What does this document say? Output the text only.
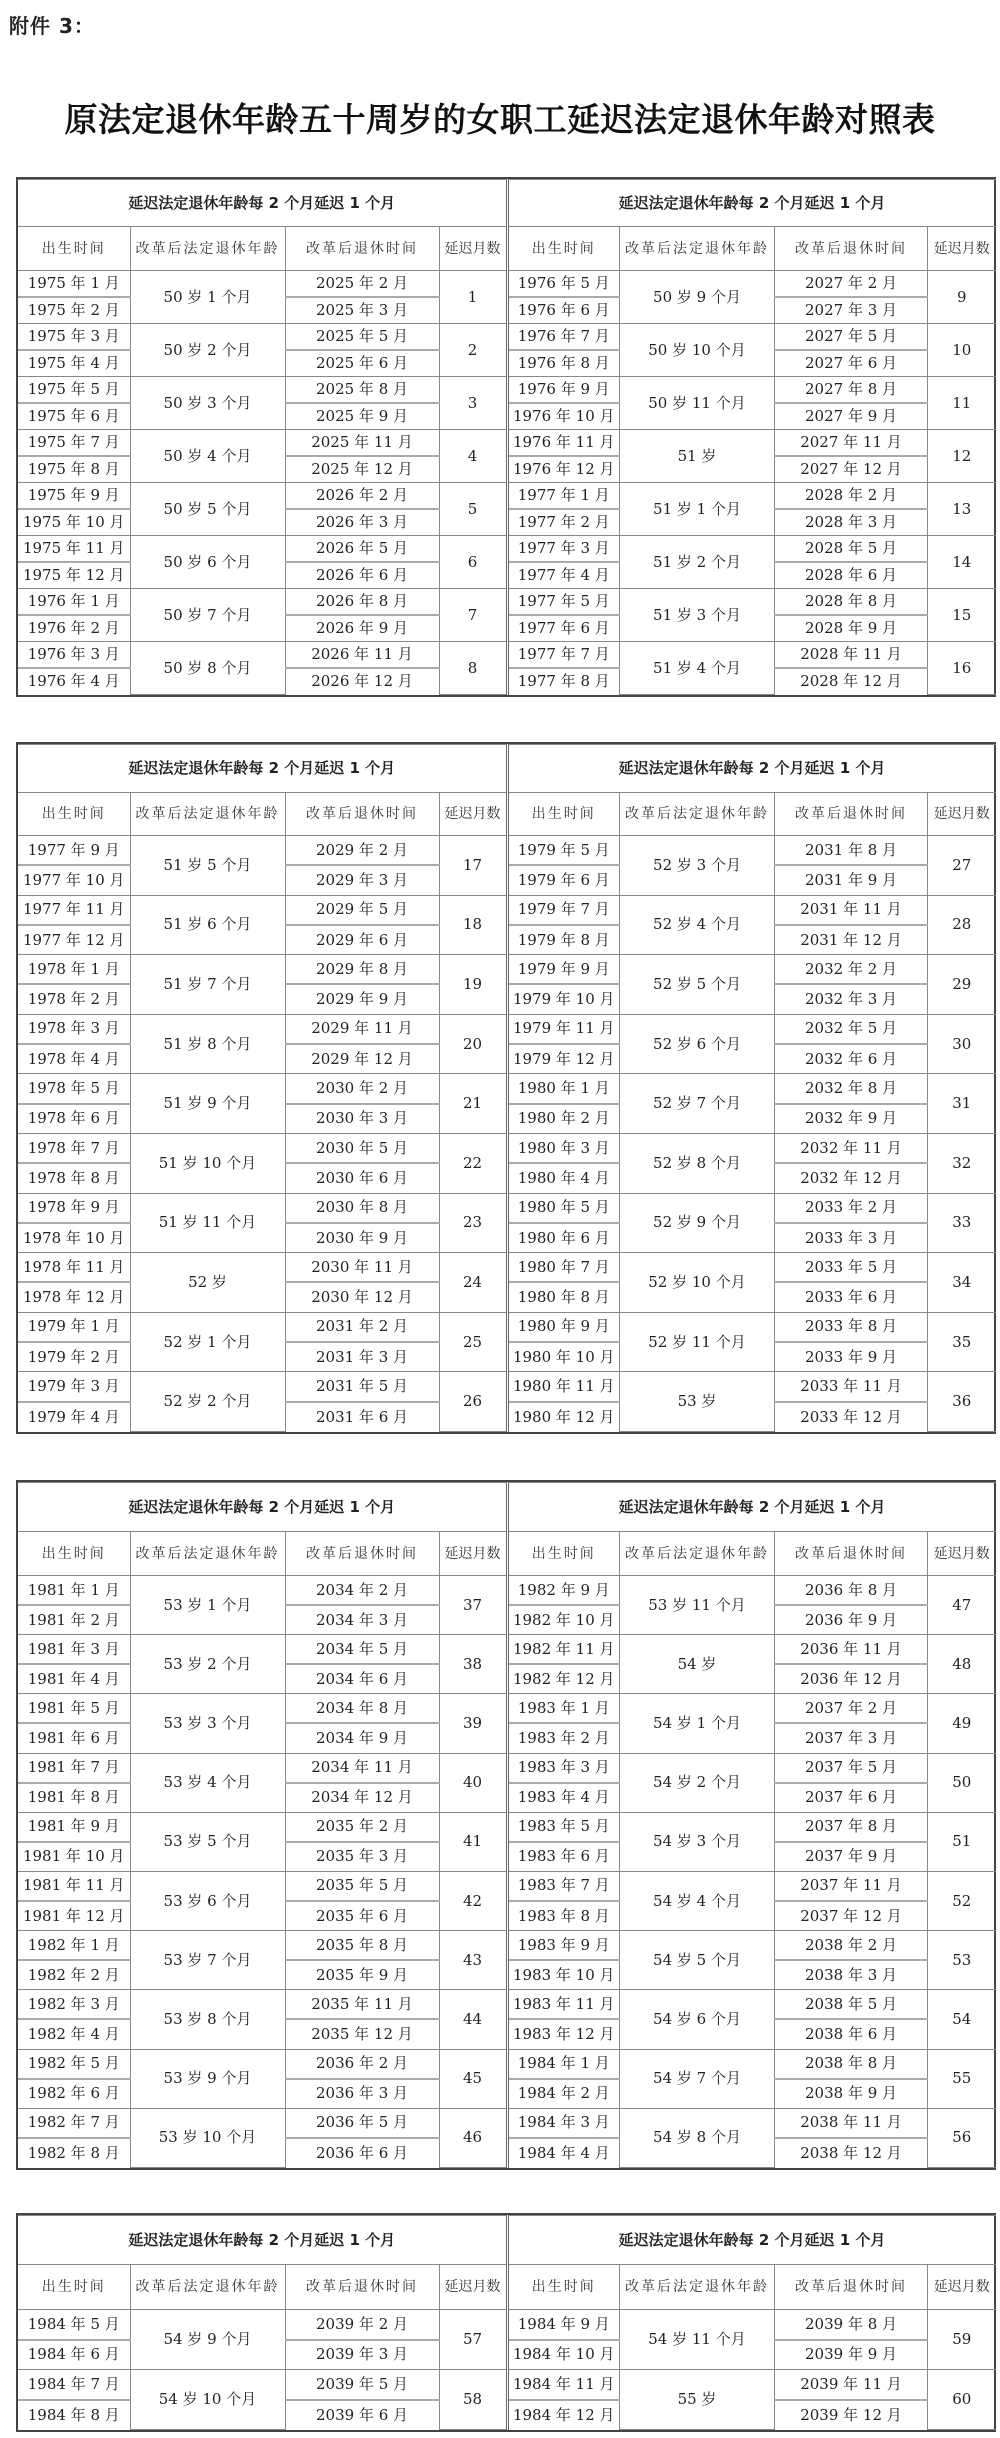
附件 3：
原法定退休年龄五十周岁的女职工延迟法定退休年龄对照表
延迟法定退休年龄每 2 个月延迟 1 个月			
出生时间	改革后法定退休年龄	改革后退休时间	延迟月数
1975 年 1 月	50 岁 1 个月	2025 年 2 月	1
1975 年 2 月		2025 年 3 月	
1975 年 3 月	50 岁 2 个月	2025 年 5 月	2
1975 年 4 月		2025 年 6 月	
1975 年 5 月	50 岁 3 个月	2025 年 8 月	3
1975 年 6 月		2025 年 9 月	
1975 年 7 月	50 岁 4 个月	2025 年 11 月	4
1975 年 8 月		2025 年 12 月	
1975 年 9 月	50 岁 5 个月	2026 年 2 月	5
1975 年 10 月		2026 年 3 月	
1975 年 11 月	50 岁 6 个月	2026 年 5 月	6
1975 年 12 月		2026 年 6 月	
1976 年 1 月	50 岁 7 个月	2026 年 8 月	7
1976 年 2 月		2026 年 9 月	
1976 年 3 月	50 岁 8 个月	2026 年 11 月	8
1976 年 4 月		2026 年 12 月	
延迟法定退休年龄每 2 个月延迟 1 个月			
出生时间	改革后法定退休年龄	改革后退休时间	延迟月数
1976 年 5 月	50 岁 9 个月	2027 年 2 月	9
1976 年 6 月		2027 年 3 月	
1976 年 7 月	50 岁 10 个月	2027 年 5 月	10
1976 年 8 月		2027 年 6 月	
1976 年 9 月	50 岁 11 个月	2027 年 8 月	11
1976 年 10 月		2027 年 9 月	
1976 年 11 月	51 岁	2027 年 11 月	12
1976 年 12 月		2027 年 12 月	
1977 年 1 月	51 岁 1 个月	2028 年 2 月	13
1977 年 2 月		2028 年 3 月	
1977 年 3 月	51 岁 2 个月	2028 年 5 月	14
1977 年 4 月		2028 年 6 月	
1977 年 5 月	51 岁 3 个月	2028 年 8 月	15
1977 年 6 月		2028 年 9 月	
1977 年 7 月	51 岁 4 个月	2028 年 11 月	16
1977 年 8 月		2028 年 12 月	
延迟法定退休年龄每 2 个月延迟 1 个月			
出生时间	改革后法定退休年龄	改革后退休时间	延迟月数
1977 年 9 月	51 岁 5 个月	2029 年 2 月	17
1977 年 10 月		2029 年 3 月	
1977 年 11 月	51 岁 6 个月	2029 年 5 月	18
1977 年 12 月		2029 年 6 月	
1978 年 1 月	51 岁 7 个月	2029 年 8 月	19
1978 年 2 月		2029 年 9 月	
1978 年 3 月	51 岁 8 个月	2029 年 11 月	20
1978 年 4 月		2029 年 12 月	
1978 年 5 月	51 岁 9 个月	2030 年 2 月	21
1978 年 6 月		2030 年 3 月	
1978 年 7 月	51 岁 10 个月	2030 年 5 月	22
1978 年 8 月		2030 年 6 月	
1978 年 9 月	51 岁 11 个月	2030 年 8 月	23
1978 年 10 月		2030 年 9 月	
1978 年 11 月	52 岁	2030 年 11 月	24
1978 年 12 月		2030 年 12 月	
1979 年 1 月	52 岁 1 个月	2031 年 2 月	25
1979 年 2 月		2031 年 3 月	
1979 年 3 月	52 岁 2 个月	2031 年 5 月	26
1979 年 4 月		2031 年 6 月	
延迟法定退休年龄每 2 个月延迟 1 个月			
出生时间	改革后法定退休年龄	改革后退休时间	延迟月数
1979 年 5 月	52 岁 3 个月	2031 年 8 月	27
1979 年 6 月		2031 年 9 月	
1979 年 7 月	52 岁 4 个月	2031 年 11 月	28
1979 年 8 月		2031 年 12 月	
1979 年 9 月	52 岁 5 个月	2032 年 2 月	29
1979 年 10 月		2032 年 3 月	
1979 年 11 月	52 岁 6 个月	2032 年 5 月	30
1979 年 12 月		2032 年 6 月	
1980 年 1 月	52 岁 7 个月	2032 年 8 月	31
1980 年 2 月		2032 年 9 月	
1980 年 3 月	52 岁 8 个月	2032 年 11 月	32
1980 年 4 月		2032 年 12 月	
1980 年 5 月	52 岁 9 个月	2033 年 2 月	33
1980 年 6 月		2033 年 3 月	
1980 年 7 月	52 岁 10 个月	2033 年 5 月	34
1980 年 8 月		2033 年 6 月	
1980 年 9 月	52 岁 11 个月	2033 年 8 月	35
1980 年 10 月		2033 年 9 月	
1980 年 11 月	53 岁	2033 年 11 月	36
1980 年 12 月		2033 年 12 月	
延迟法定退休年龄每 2 个月延迟 1 个月			
出生时间	改革后法定退休年龄	改革后退休时间	延迟月数
1981 年 1 月	53 岁 1 个月	2034 年 2 月	37
1981 年 2 月		2034 年 3 月	
1981 年 3 月	53 岁 2 个月	2034 年 5 月	38
1981 年 4 月		2034 年 6 月	
1981 年 5 月	53 岁 3 个月	2034 年 8 月	39
1981 年 6 月		2034 年 9 月	
1981 年 7 月	53 岁 4 个月	2034 年 11 月	40
1981 年 8 月		2034 年 12 月	
1981 年 9 月	53 岁 5 个月	2035 年 2 月	41
1981 年 10 月		2035 年 3 月	
1981 年 11 月	53 岁 6 个月	2035 年 5 月	42
1981 年 12 月		2035 年 6 月	
1982 年 1 月	53 岁 7 个月	2035 年 8 月	43
1982 年 2 月		2035 年 9 月	
1982 年 3 月	53 岁 8 个月	2035 年 11 月	44
1982 年 4 月		2035 年 12 月	
1982 年 5 月	53 岁 9 个月	2036 年 2 月	45
1982 年 6 月		2036 年 3 月	
1982 年 7 月	53 岁 10 个月	2036 年 5 月	46
1982 年 8 月		2036 年 6 月	
延迟法定退休年龄每 2 个月延迟 1 个月			
出生时间	改革后法定退休年龄	改革后退休时间	延迟月数
1982 年 9 月	53 岁 11 个月	2036 年 8 月	47
1982 年 10 月		2036 年 9 月	
1982 年 11 月	54 岁	2036 年 11 月	48
1982 年 12 月		2036 年 12 月	
1983 年 1 月	54 岁 1 个月	2037 年 2 月	49
1983 年 2 月		2037 年 3 月	
1983 年 3 月	54 岁 2 个月	2037 年 5 月	50
1983 年 4 月		2037 年 6 月	
1983 年 5 月	54 岁 3 个月	2037 年 8 月	51
1983 年 6 月		2037 年 9 月	
1983 年 7 月	54 岁 4 个月	2037 年 11 月	52
1983 年 8 月		2037 年 12 月	
1983 年 9 月	54 岁 5 个月	2038 年 2 月	53
1983 年 10 月		2038 年 3 月	
1983 年 11 月	54 岁 6 个月	2038 年 5 月	54
1983 年 12 月		2038 年 6 月	
1984 年 1 月	54 岁 7 个月	2038 年 8 月	55
1984 年 2 月		2038 年 9 月	
1984 年 3 月	54 岁 8 个月	2038 年 11 月	56
1984 年 4 月		2038 年 12 月	
延迟法定退休年龄每 2 个月延迟 1 个月			
出生时间	改革后法定退休年龄	改革后退休时间	延迟月数
1984 年 5 月	54 岁 9 个月	2039 年 2 月	57
1984 年 6 月		2039 年 3 月	
1984 年 7 月	54 岁 10 个月	2039 年 5 月	58
1984 年 8 月		2039 年 6 月	
延迟法定退休年龄每 2 个月延迟 1 个月			
出生时间	改革后法定退休年龄	改革后退休时间	延迟月数
1984 年 9 月	54 岁 11 个月	2039 年 8 月	59
1984 年 10 月		2039 年 9 月	
1984 年 11 月	55 岁	2039 年 11 月	60
1984 年 12 月		2039 年 12 月	
